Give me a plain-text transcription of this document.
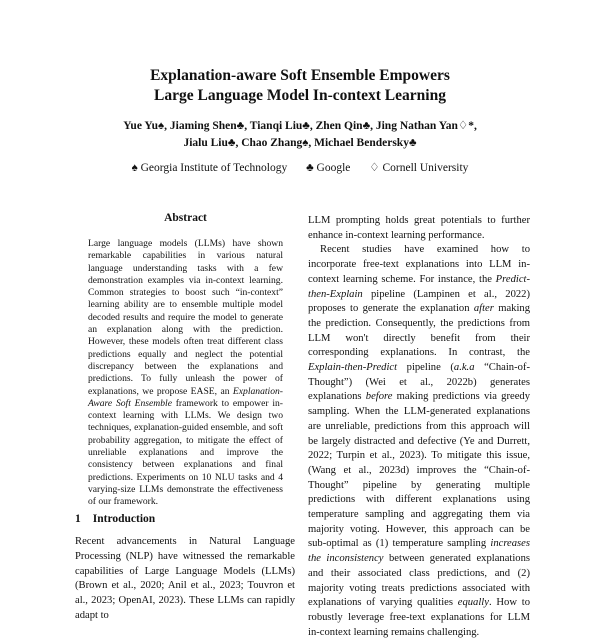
Explanation-aware Soft Ensemble Empowers
Large Language Model In-context Learning
Yue Yu♠, Jiaming Shen♣, Tianqi Liu♣, Zhen Qin♣, Jing Nathan Yan♢*,
Jialu Liu♣, Chao Zhang♠, Michael Bendersky♣
♠ Georgia Institute of Technology ♣ Google ♢ Cornell University
Abstract

Large language models (LLMs) have shown remarkable capabilities in various natural language understanding tasks with a few demonstration examples via in-context learning. Common strategies to boost such “in-context” learning ability are to ensemble multiple model decoded results and require the model to generate an explanation along with the prediction. However, these models often treat different class predictions equally and neglect the potential discrepancy between the explanations and predictions. To fully unleash the power of explanations, we propose EASE, an Explanation-Aware Soft Ensemble framework to empower in-context learning with LLMs. We design two techniques, explanation-guided ensemble, and soft probability aggregation, to mitigate the effect of unreliable explanations and improve the consistency between explanations and final predictions. Experiments on 10 NLU tasks and 4 varying-size LLMs demonstrate the effectiveness of our framework.

1 Introduction

Recent advancements in Natural Language Processing (NLP) have witnessed the remarkable capabilities of Large Language Models (LLMs) (Brown et al., 2020; Anil et al., 2023; Touvron et al., 2023; OpenAI, 2023). These LLMs can rapidly adapt to

LLM prompting holds great potentials to further enhance in-context learning performance.

Recent studies have examined how to incorporate free-text explanations into LLM in-context learning scheme. For instance, the Predict-then-Explain pipeline (Lampinen et al., 2022) proposes to generate the explanation after making the prediction. Consequently, the predictions from LLM won't directly benefit from their corresponding explanations. In contrast, the Explain-then-Predict pipeline (a.k.a “Chain-of-Thought”) (Wei et al., 2022b) generates explanations before making predictions via greedy sampling. When the LLM-generated explanations are unreliable, predictions from this approach will be largely distracted and defective (Ye and Durrett, 2022; Turpin et al., 2023). To mitigate this issue, (Wang et al., 2023d) improves the “Chain-of-Thought” pipeline by generating multiple predictions with different explanations using temperature sampling and aggregating them via majority voting. However, this approach can be sub-optimal as (1) temperature sampling increases the inconsistency between generated explanations and their associated class predictions, and (2) majority voting treats predictions associated with explanations of varying qualities equally. How to robustly leverage free-text explanations for LLM in-context learning remains challenging.
